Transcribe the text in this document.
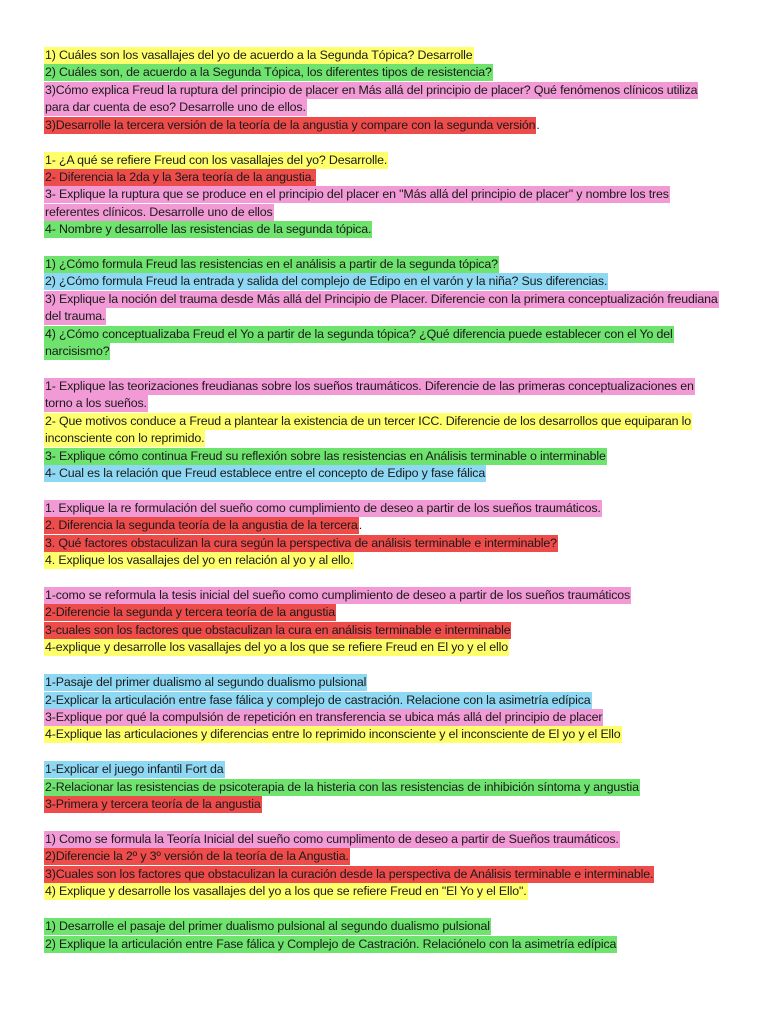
1) Cuáles son los vasallajes del yo de acuerdo a la Segunda Tópica? Desarrolle
2) Cuáles son, de acuerdo a la Segunda Tópica, los diferentes tipos de resistencia?
3)Cómo explica Freud la ruptura del principio de placer en Más allá del principio de placer? Qué fenómenos clínicos utiliza para dar cuenta de eso? Desarrolle uno de ellos.
3)Desarrolle la tercera versión de la teoría de la angustia y compare con la segunda versión.
1- ¿A qué se refiere Freud con los vasallajes del yo? Desarrolle.
2- Diferencia la 2da y la 3era teoría de la angustia.
3- Explique la ruptura que se produce en el principio del placer en "Más allá del principio de placer" y nombre los tres referentes clínicos. Desarrolle uno de ellos
4- Nombre y desarrolle las resistencias de la segunda tópica.
1) ¿Cómo formula Freud las resistencias en el análisis a partir de la segunda tópica?
2) ¿Cómo formula Freud la entrada y salida del complejo de Edipo en el varón y la niña? Sus diferencias.
3) Explique la noción del trauma desde Más allá del Principio de Placer. Diferencie con la primera conceptualización freudiana del trauma.
4) ¿Cómo conceptualizaba Freud el Yo a partir de la segunda tópica? ¿Qué diferencia puede establecer con el Yo del narcisismo?
1- Explique las teorizaciones freudianas sobre los sueños traumáticos. Diferencie de las primeras conceptualizaciones en torno a los sueños.
2- Que motivos conduce a Freud a plantear la existencia de un tercer ICC. Diferencie de los desarrollos que equiparan lo inconsciente con lo reprimido.
3- Explique cómo continua Freud su reflexión sobre las resistencias en Análisis terminable o interminable
4- Cual es la relación que Freud establece entre el concepto de Edipo y fase fálica
1. Explique la re formulación del sueño como cumplimiento de deseo a partir de los sueños traumáticos.
2. Diferencia la segunda teoría de la angustia de la tercera.
3. Qué factores obstaculizan la cura según la perspectiva de análisis terminable e interminable?
4. Explique los vasallajes del yo en relación al yo y al ello.
1-como se reformula la tesis inicial del sueño como cumplimiento de deseo a partir de los sueños traumáticos
2-Diferencie la segunda y tercera teoría de la angustia
3-cuales son los factores que obstaculizan la cura en análisis terminable e interminable
4-explique y desarrolle los vasallajes del yo a los que se refiere Freud en El yo y el ello
1-Pasaje del primer dualismo al segundo dualismo pulsional
2-Explicar la articulación entre fase fálica y complejo de castración. Relacione con la asimetría edípica
3-Explique por qué la compulsión de repetición en transferencia se ubica más allá del principio de placer
4-Explique las articulaciones y diferencias entre lo reprimido inconsciente y el inconsciente de El yo y el Ello
1-Explicar el juego infantil Fort da
2-Relacionar las resistencias de psicoterapia de la histeria con las resistencias de inhibición síntoma y angustia
3-Primera y tercera teoría de la angustia
1) Como se formula la Teoría Inicial del sueño como cumplimento de deseo a partir de Sueños traumáticos.
2)Diferencie la 2º y 3º versión de la teoría de la Angustia.
3)Cuales son los factores que obstaculizan la curación desde la perspectiva de Análisis terminable e interminable.
4) Explique y desarrolle los vasallajes del yo a los que se refiere Freud en "El Yo y el Ello".
1) Desarrolle el pasaje del primer dualismo pulsional al segundo dualismo pulsional
2) Explique la articulación entre Fase fálica y Complejo de Castración. Relaciónelo con la asimetría edípica
